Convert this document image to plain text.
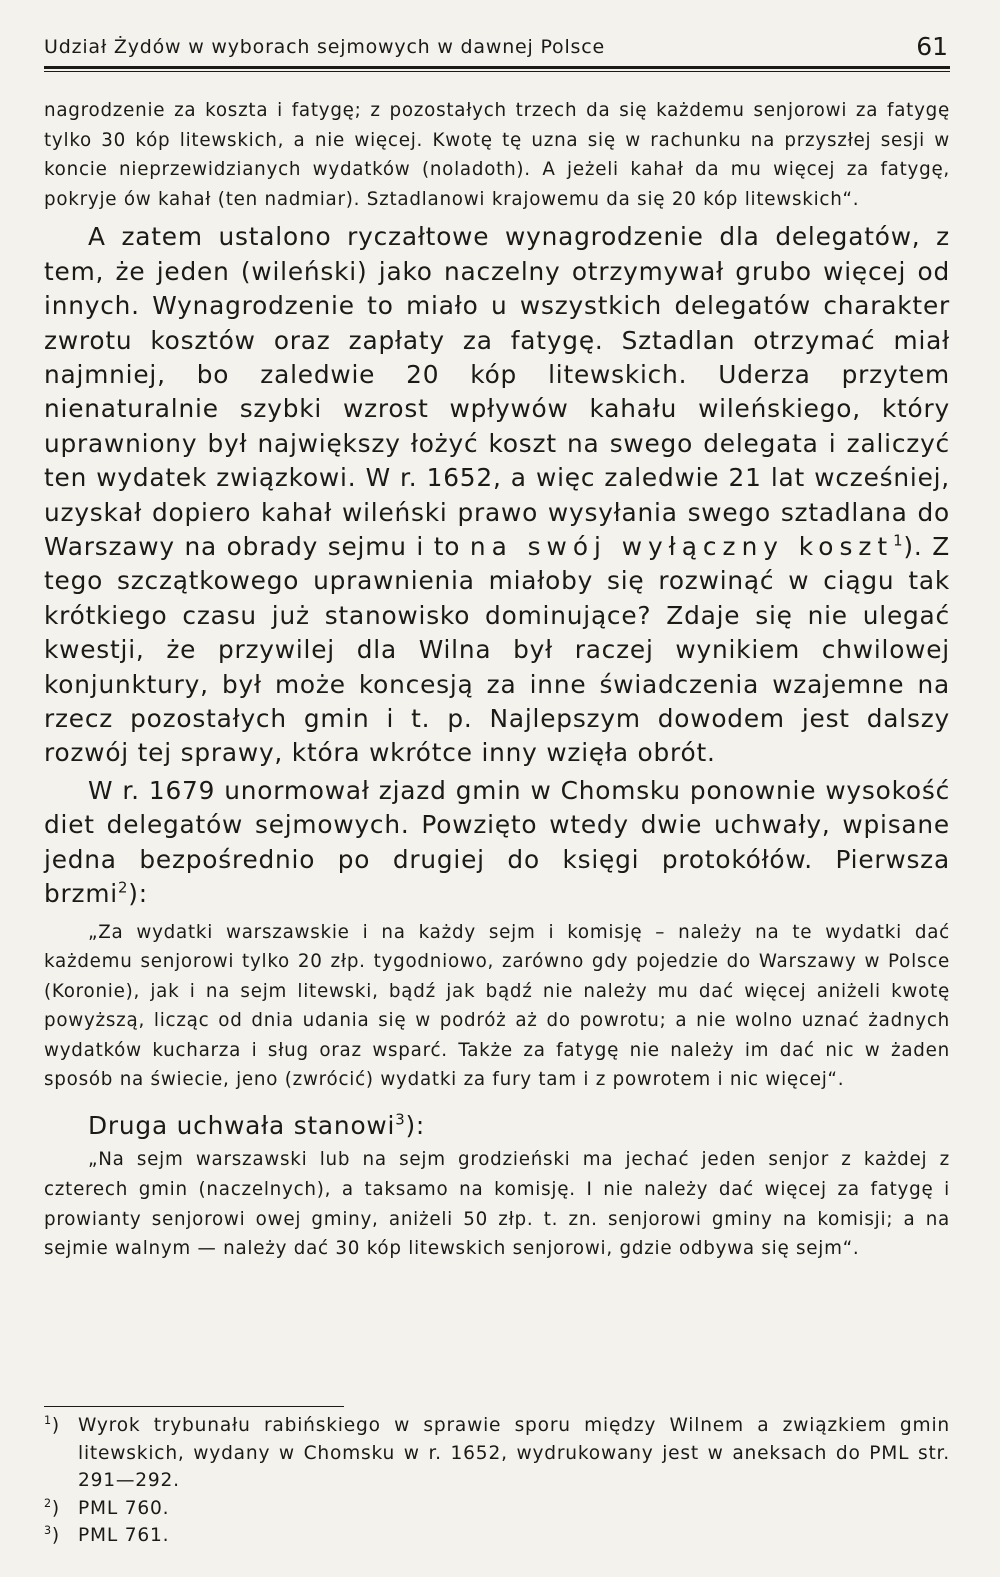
Udział Żydów w wyborach sejmowych w dawnej Polsce	61

nagrodzenie za koszta i fatygę; z pozostałych trzech da się każdemu senjorowi za fatygę tylko 30 kóp litewskich, a nie więcej. Kwotę tę uzna się w rachunku na przyszłej sesji w koncie nieprzewidzianych wydatków (noladoth). A jeżeli kahał da mu więcej za fatygę, pokryje ów kahał (ten nadmiar). Sztadlanowi krajowemu da się 20 kóp litewskich“.

A zatem ustalono ryczałtowe wynagrodzenie dla delegatów, z tem, że jeden (wileński) jako naczelny otrzymywał grubo więcej od innych. Wynagrodzenie to miało u wszystkich delegatów charakter zwrotu kosztów oraz zapłaty za fatygę. Sztadlan otrzymać miał najmniej, bo zaledwie 20 kóp litewskich. Uderza przytem nienaturalnie szybki wzrost wpływów kahału wileńskiego, który uprawniony był największy łożyć koszt na swego delegata i zaliczyć ten wydatek związkowi. W r. 1652, a więc zaledwie 21 lat wcześniej, uzyskał dopiero kahał wileński prawo wysyłania swego sztadlana do Warszawy na obrady sejmu i to na swój wyłączny koszt$^1$). Z tego szczątkowego uprawnienia miałoby się rozwinąć w ciągu tak krótkiego czasu już stanowisko dominujące? Zdaje się nie ulegać kwestji, że przywilej dla Wilna był raczej wynikiem chwilowej konjunktury, był może koncesją za inne świadczenia wzajemne na rzecz pozostałych gmin i t. p. Najlepszym dowodem jest dalszy rozwój tej sprawy, która wkrótce inny wzięła obrót.

W r. 1679 unormował zjazd gmin w Chomsku ponownie wysokość diet delegatów sejmowych. Powzięto wtedy dwie uchwały, wpisane jedna bezpośrednio po drugiej do księgi protokółów. Pierwsza brzmi$^2$):

„Za wydatki warszawskie i na każdy sejm i komisję – należy na te wydatki dać każdemu senjorowi tylko 20 złp. tygodniowo, zarówno gdy pojedzie do Warszawy w Polsce (Koronie), jak i na sejm litewski, bądź jak bądź nie należy mu dać więcej aniżeli kwotę powyższą, licząc od dnia udania się w podróż aż do powrotu; a nie wolno uznać żadnych wydatków kucharza i sług oraz wsparć. Także za fatygę nie należy im dać nic w żaden sposób na świecie, jeno (zwrócić) wydatki za fury tam i z powrotem i nic więcej“.

Druga uchwała stanowi$^3$):

„Na sejm warszawski lub na sejm grodzieński ma jechać jeden senjor z każdej z czterech gmin (naczelnych), a taksamo na komisję. I nie należy dać więcej za fatygę i prowianty senjorowi owej gminy, aniżeli 50 złp. t. zn. senjorowi gminy na komisji; a na sejmie walnym — należy dać 30 kóp litewskich senjorowi, gdzie odbywa się sejm“.

$^1$) Wyrok trybunału rabińskiego w sprawie sporu między Wilnem a związkiem gmin litewskich, wydany w Chomsku w r. 1652, wydrukowany jest w aneksach do PML str. 291—292.
$^2$) PML 760.
$^3$) PML 761.
